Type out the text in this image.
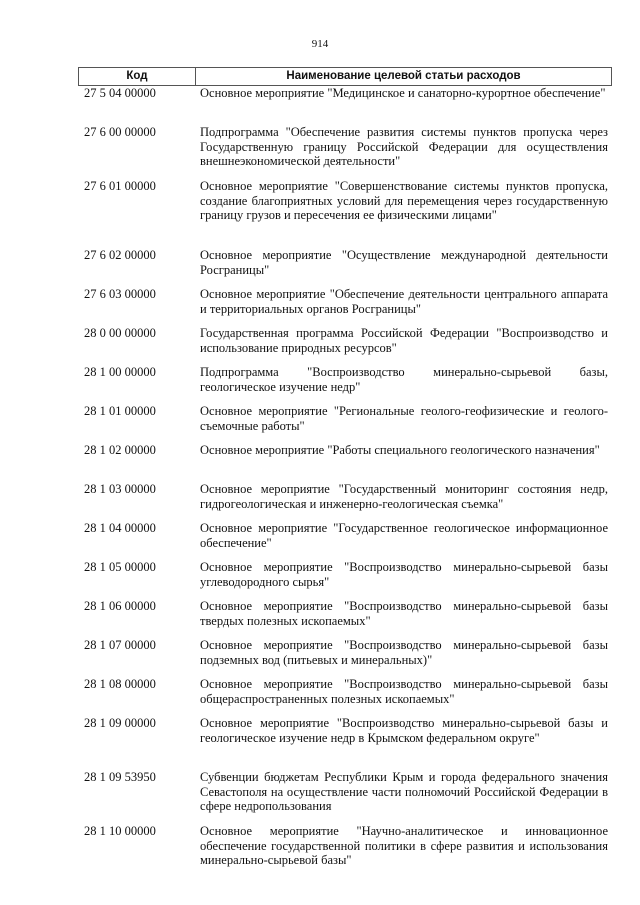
914
Код	Наименование целевой статьи расходов
27 5 04 00000	Основное мероприятие "Медицинское и санаторно-курортное обеспечение"
27 6 00 00000	Подпрограмма "Обеспечение развития системы пунктов пропуска через Государственную границу Российской Федерации для осуществления внешнеэкономической деятельности"
27 6 01 00000	Основное мероприятие "Совершенствование системы пунктов пропуска, создание благоприятных условий для перемещения через государственную границу грузов и пересечения ее физическими лицами"
27 6 02 00000	Основное мероприятие "Осуществление международной деятельности Росграницы"
27 6 03 00000	Основное мероприятие "Обеспечение деятельности центрального аппарата и территориальных органов Росграницы"
28 0 00 00000	Государственная программа Российской Федерации "Воспроизводство и использование природных ресурсов"
28 1 00 00000	Подпрограмма "Воспроизводство минерально-сырьевой базы, геологическое изучение недр"
28 1 01 00000	Основное мероприятие "Региональные геолого-геофизические и геолого-съемочные работы"
28 1 02 00000	Основное мероприятие "Работы специального геологического назначения"
28 1 03 00000	Основное мероприятие "Государственный мониторинг состояния недр, гидрогеологическая и инженерно-геологическая съемка"
28 1 04 00000	Основное мероприятие "Государственное геологическое информационное обеспечение"
28 1 05 00000	Основное мероприятие "Воспроизводство минерально-сырьевой базы углеводородного сырья"
28 1 06 00000	Основное мероприятие "Воспроизводство минерально-сырьевой базы твердых полезных ископаемых"
28 1 07 00000	Основное мероприятие "Воспроизводство минерально-сырьевой базы подземных вод (питьевых и минеральных)"
28 1 08 00000	Основное мероприятие "Воспроизводство минерально-сырьевой базы общераспространенных полезных ископаемых"
28 1 09 00000	Основное мероприятие "Воспроизводство минерально-сырьевой базы и геологическое изучение недр в Крымском федеральном округе"
28 1 09 53950	Субвенции бюджетам Республики Крым и города федерального значения Севастополя на осуществление части полномочий Российской Федерации в сфере недропользования
28 1 10 00000	Основное мероприятие "Научно-аналитическое и инновационное обеспечение государственной политики в сфере развития и использования минерально-сырьевой базы"
